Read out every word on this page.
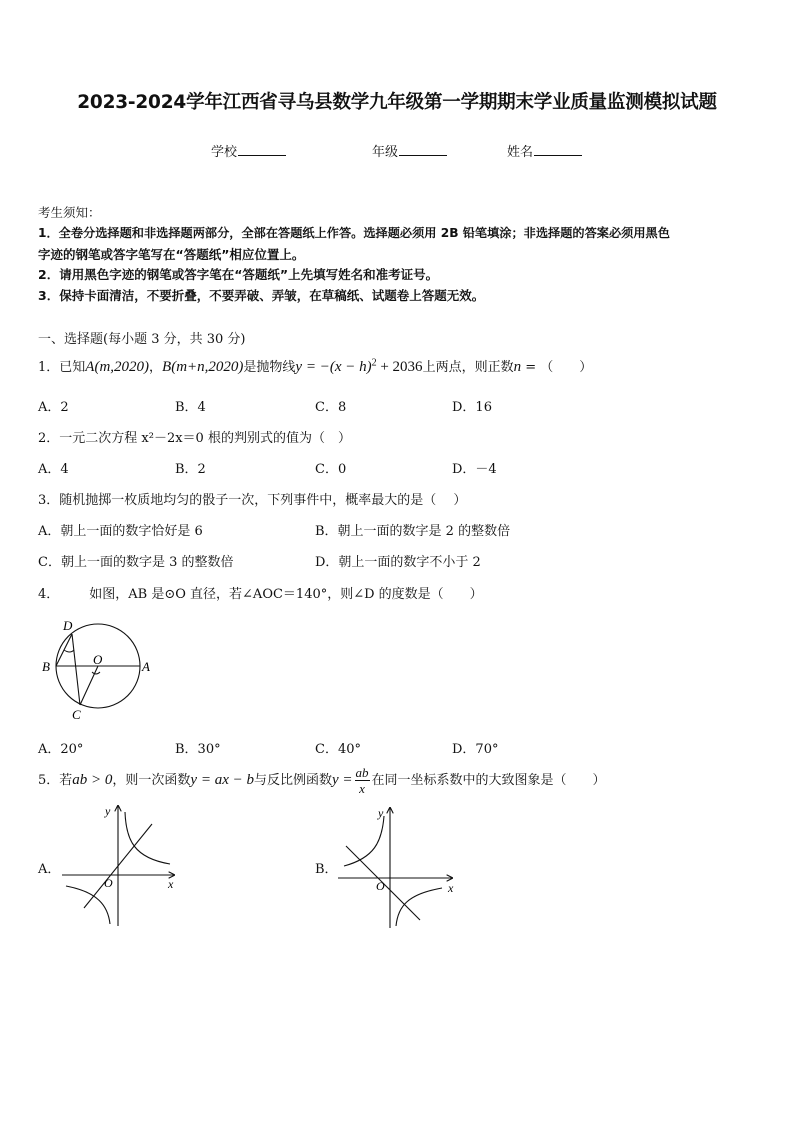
2023-2024学年江西省寻乌县数学九年级第一学期期末学业质量监测模拟试题
学校	年级	姓名
考生须知：
1．全卷分选择题和非选择题两部分，全部在答题纸上作答。选择题必须用 2B 铅笔填涂；非选择题的答案必须用黑色
字迹的钢笔或答字笔写在“答题纸”相应位置上。
2．请用黑色字迹的钢笔或答字笔在“答题纸”上先填写姓名和准考证号。
3．保持卡面清洁，不要折叠，不要弄破、弄皱，在草稿纸、试题卷上答题无效。
一、选择题(每小题 3 分，共 30 分)
1．已知A(m,2020)，B(m+n,2020)是抛物线$y = -(x - h)^2 + 2036$上两点，则正数n = （　　）
A．2	B．4	C．8	D．16
2．一元二次方程 x²－2x＝0 根的判别式的值为（　）
A．4	B．2	C．0	D．－4
3．随机抛掷一枚质地均匀的骰子一次，下列事件中，概率最大的是（　 ）
A．朝上一面的数字恰好是 6	B．朝上一面的数字是 2 的整数倍
C．朝上一面的数字是 3 的整数倍	D．朝上一面的数字不小于 2
4． 如图，AB 是⊙O 直径，若∠AOC＝140°，则∠D 的度数是（　　）
D
B	O	A
C
A．20°	B．30°	C．40°	D．70°
5．若ab > 0，则一次函数y = ax − b与反比例函数$y = \frac{ab}{x}$ 在同一坐标系数中的大致图象是（　　）
A．
y
x
O
B．
y
x
O
